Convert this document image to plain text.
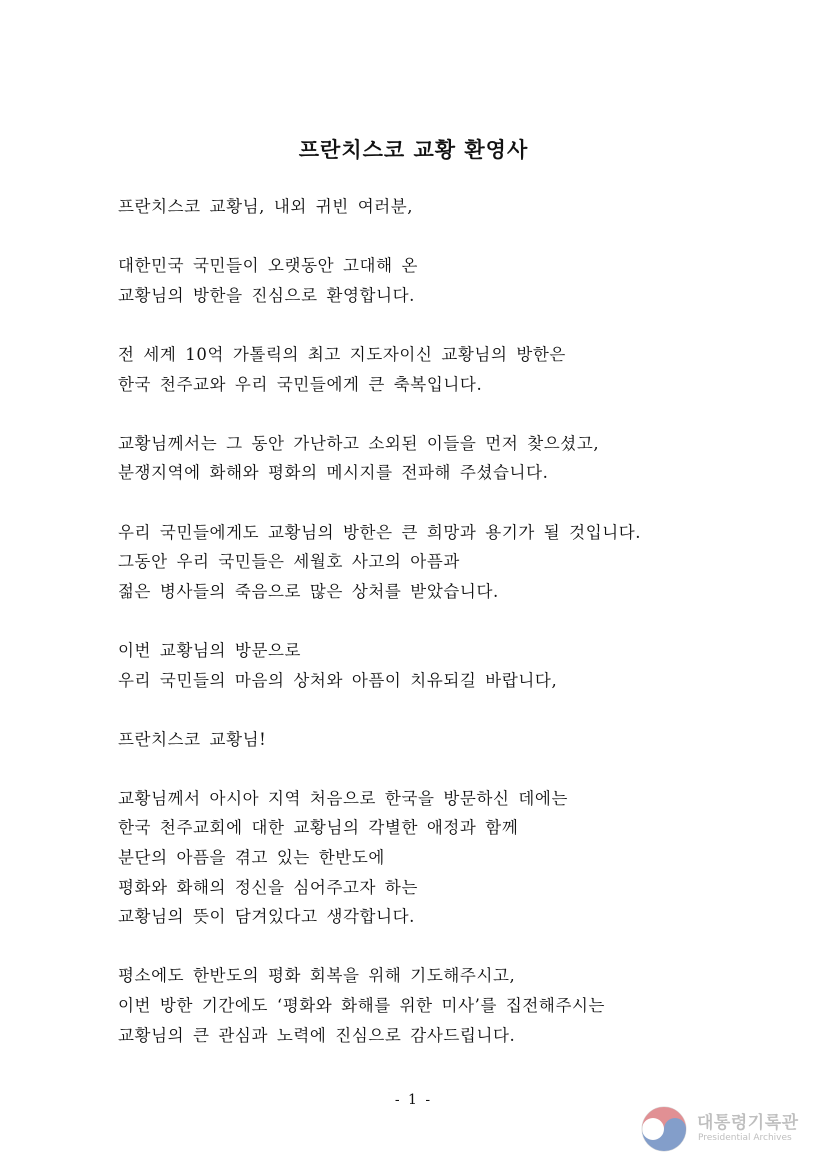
프란치스코 교황 환영사

프란치스코 교황님, 내외 귀빈 여러분,

대한민국 국민들이 오랫동안 고대해 온
교황님의 방한을 진심으로 환영합니다.

전 세계 10억 가톨릭의 최고 지도자이신 교황님의 방한은
한국 천주교와 우리 국민들에게 큰 축복입니다.

교황님께서는 그 동안 가난하고 소외된 이들을 먼저 찾으셨고,
분쟁지역에 화해와 평화의 메시지를 전파해 주셨습니다.

우리 국민들에게도 교황님의 방한은 큰 희망과 용기가 될 것입니다.
그동안 우리 국민들은 세월호 사고의 아픔과
젊은 병사들의 죽음으로 많은 상처를 받았습니다.

이번 교황님의 방문으로
우리 국민들의 마음의 상처와 아픔이 치유되길 바랍니다,

프란치스코 교황님!

교황님께서 아시아 지역 처음으로 한국을 방문하신 데에는
한국 천주교회에 대한 교황님의 각별한 애정과 함께
분단의 아픔을 겪고 있는 한반도에
평화와 화해의 정신을 심어주고자 하는
교황님의 뜻이 담겨있다고 생각합니다.

평소에도 한반도의 평화 회복을 위해 기도해주시고,
이번 방한 기간에도 ‘평화와 화해를 위한 미사’를 집전해주시는
교황님의 큰 관심과 노력에 진심으로 감사드립니다.

- 1 -
대통령기록관
Presidential Archives
